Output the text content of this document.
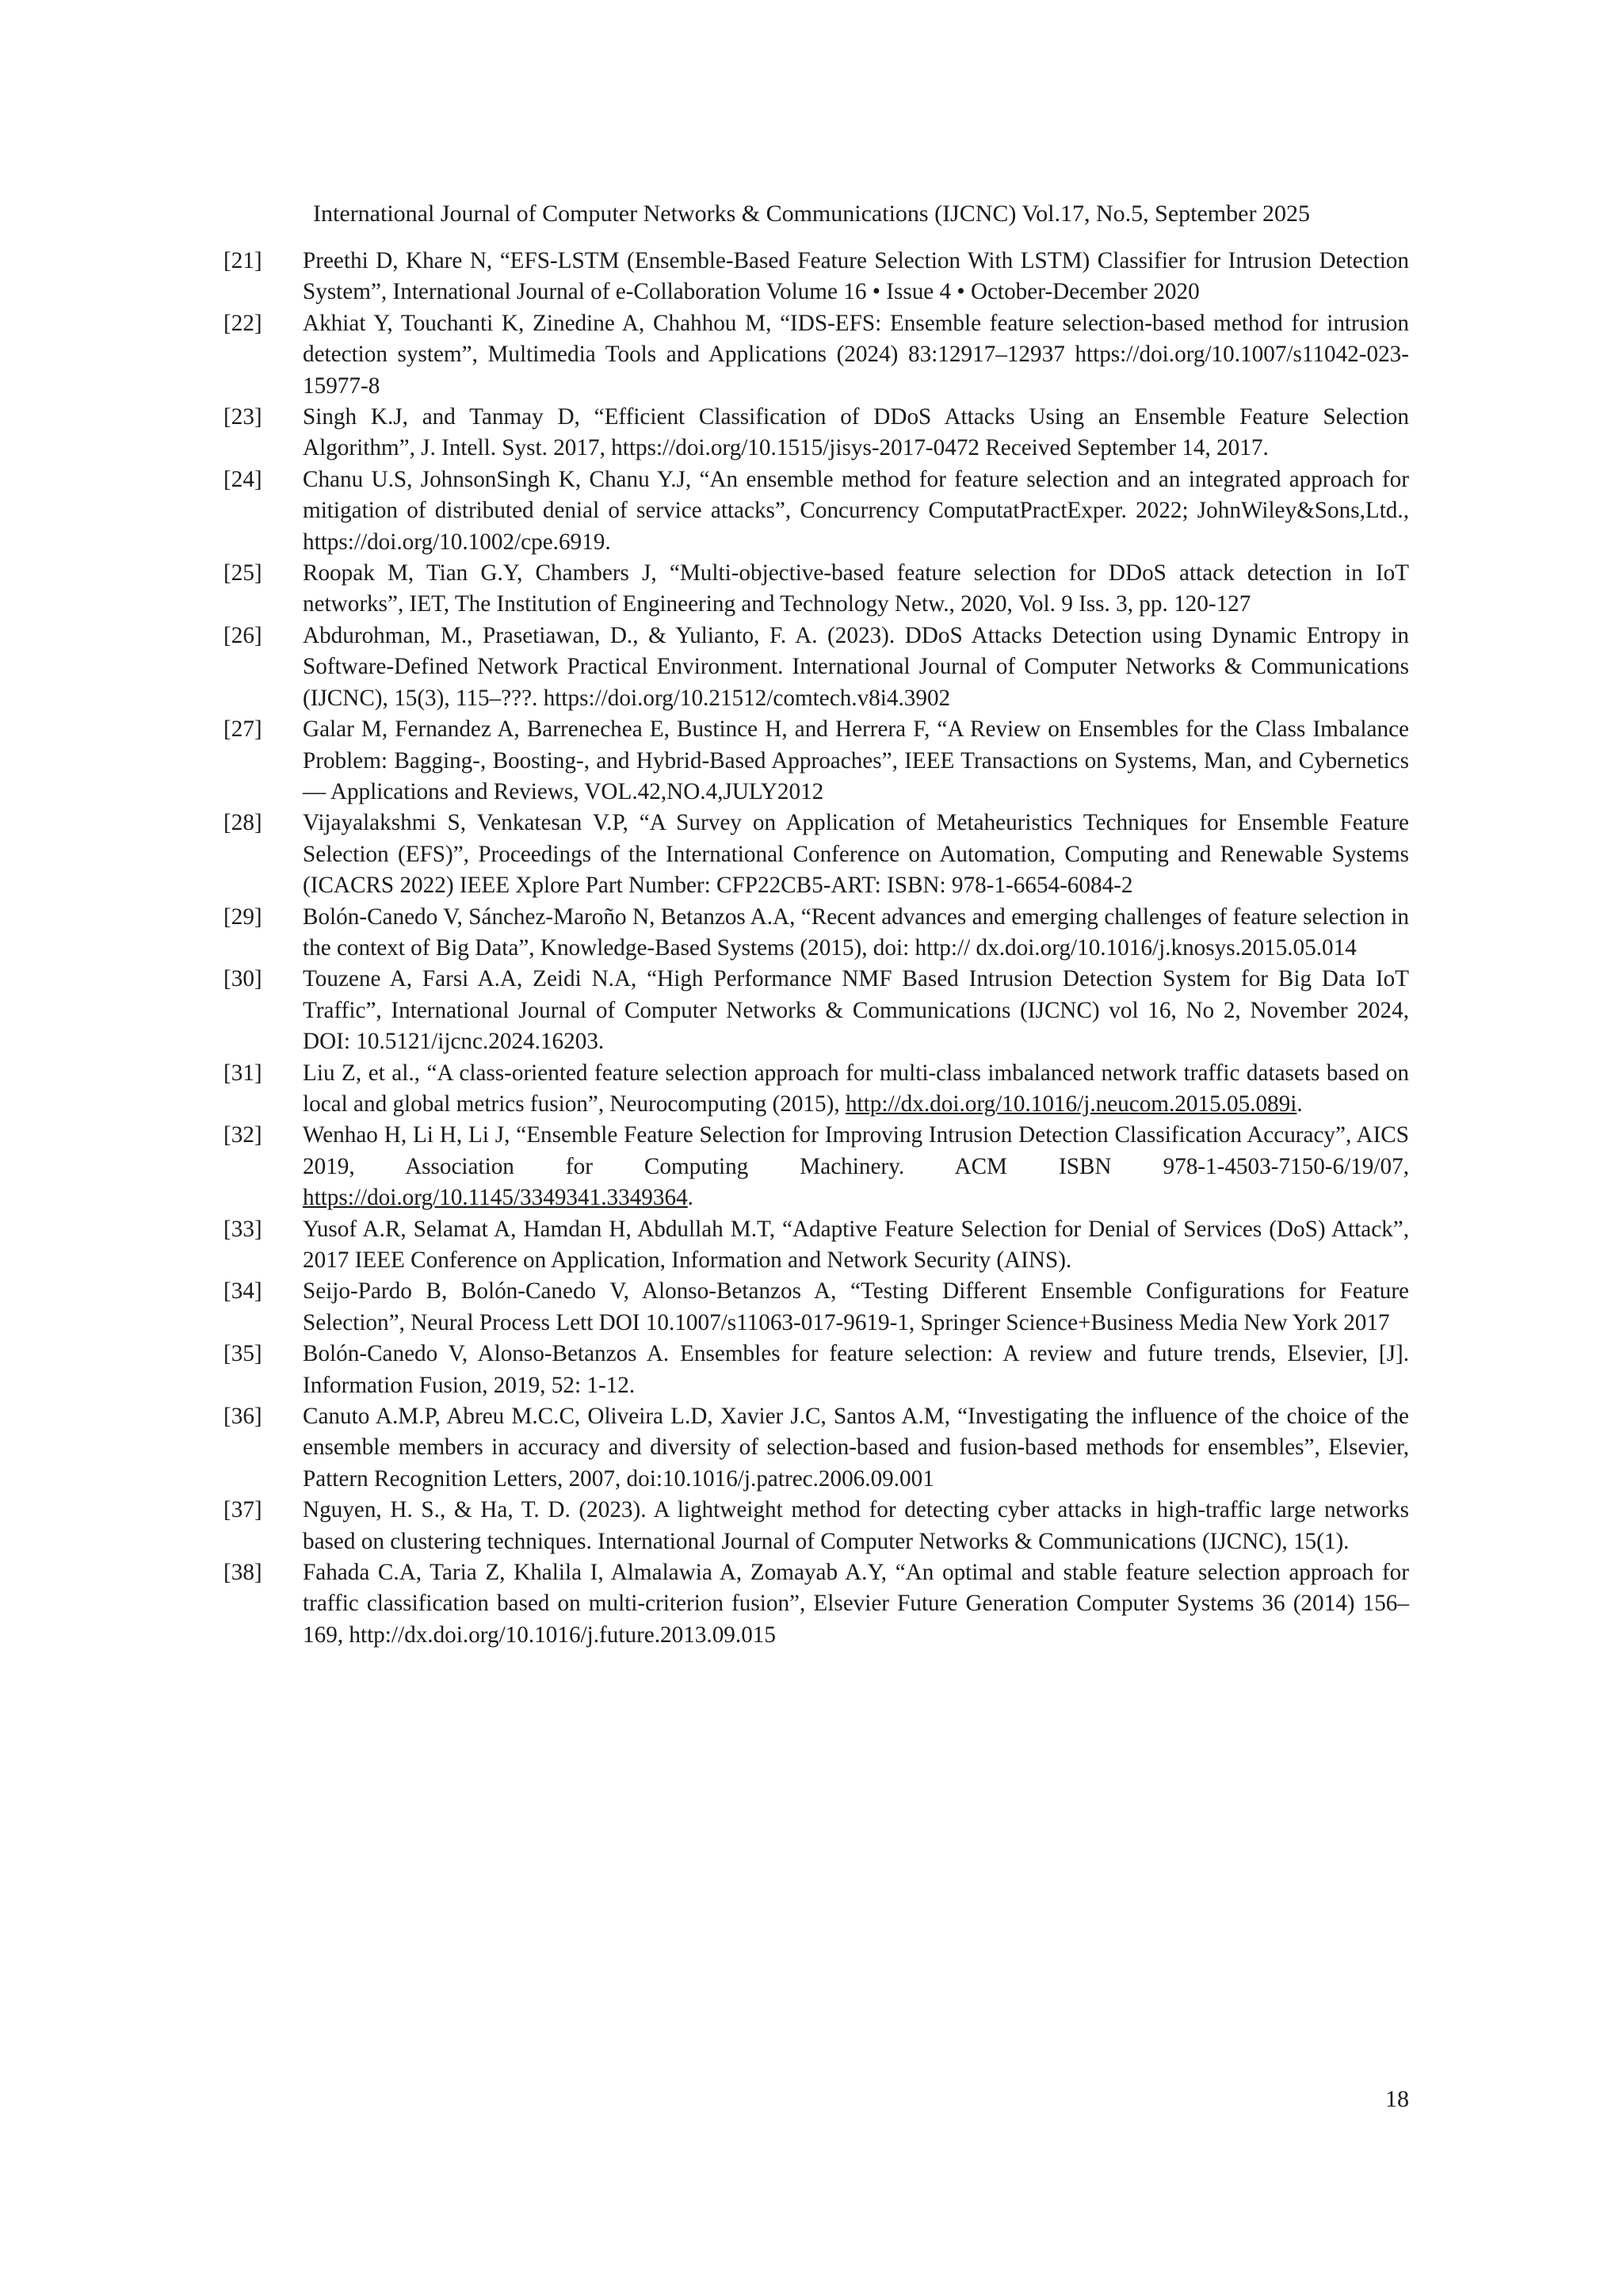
International Journal of Computer Networks & Communications (IJCNC) Vol.17, No.5, September 2025
[21] Preethi D, Khare N, “EFS-LSTM (Ensemble-Based Feature Selection With LSTM) Classifier for Intrusion Detection System”, International Journal of e-Collaboration Volume 16 • Issue 4 • October-December 2020
[22] Akhiat Y, Touchanti K, Zinedine A, Chahhou M, “IDS-EFS: Ensemble feature selection-based method for intrusion detection system”, Multimedia Tools and Applications (2024) 83:12917–12937 https://doi.org/10.1007/s11042-023-15977-8
[23] Singh K.J, and Tanmay D, “Efficient Classification of DDoS Attacks Using an Ensemble Feature Selection Algorithm”, J. Intell. Syst. 2017, https://doi.org/10.1515/jisys-2017-0472 Received September 14, 2017.
[24] Chanu U.S, JohnsonSingh K, Chanu Y.J, “An ensemble method for feature selection and an integrated approach for mitigation of distributed denial of service attacks”, Concurrency ComputatPractExper. 2022; JohnWiley&Sons,Ltd., https://doi.org/10.1002/cpe.6919.
[25] Roopak M, Tian G.Y, Chambers J, “Multi-objective-based feature selection for DDoS attack detection in IoT networks”, IET, The Institution of Engineering and Technology Netw., 2020, Vol. 9 Iss. 3, pp. 120-127
[26] Abdurohman, M., Prasetiawan, D., & Yulianto, F. A. (2023). DDoS Attacks Detection using Dynamic Entropy in Software-Defined Network Practical Environment. International Journal of Computer Networks & Communications (IJCNC), 15(3), 115–???. https://doi.org/10.21512/comtech.v8i4.3902
[27] Galar M, Fernandez A, Barrenechea E, Bustince H, and Herrera F, “A Review on Ensembles for the Class Imbalance Problem: Bagging-, Boosting-, and Hybrid-Based Approaches”, IEEE Transactions on Systems, Man, and Cybernetics — Applications and Reviews, VOL.42,NO.4,JULY2012
[28] Vijayalakshmi S, Venkatesan V.P, “A Survey on Application of Metaheuristics Techniques for Ensemble Feature Selection (EFS)”, Proceedings of the International Conference on Automation, Computing and Renewable Systems (ICACRS 2022) IEEE Xplore Part Number: CFP22CB5-ART: ISBN: 978-1-6654-6084-2
[29] Bolón-Canedo V, Sánchez-Maroño N, Betanzos A.A, “Recent advances and emerging challenges of feature selection in the context of Big Data”, Knowledge-Based Systems (2015), doi: http:// dx.doi.org/10.1016/j.knosys.2015.05.014
[30] Touzene A, Farsi A.A, Zeidi N.A, “High Performance NMF Based Intrusion Detection System for Big Data IoT Traffic”, International Journal of Computer Networks & Communications (IJCNC) vol 16, No 2, November 2024, DOI: 10.5121/ijcnc.2024.16203.
[31] Liu Z, et al., “A class-oriented feature selection approach for multi-class imbalanced network traffic datasets based on local and global metrics fusion”, Neurocomputing (2015), http://dx.doi.org/10.1016/j.neucom.2015.05.089i.
[32] Wenhao H, Li H, Li J, “Ensemble Feature Selection for Improving Intrusion Detection Classification Accuracy”, AICS 2019, Association for Computing Machinery. ACM ISBN 978-1-4503-7150-6/19/07, https://doi.org/10.1145/3349341.3349364.
[33] Yusof A.R, Selamat A, Hamdan H, Abdullah M.T, “Adaptive Feature Selection for Denial of Services (DoS) Attack”, 2017 IEEE Conference on Application, Information and Network Security (AINS).
[34] Seijo-Pardo B, Bolón-Canedo V, Alonso-Betanzos A, “Testing Different Ensemble Configurations for Feature Selection”, Neural Process Lett DOI 10.1007/s11063-017-9619-1, Springer Science+Business Media New York 2017
[35] Bolón-Canedo V, Alonso-Betanzos A. Ensembles for feature selection: A review and future trends, Elsevier, [J]. Information Fusion, 2019, 52: 1-12.
[36] Canuto A.M.P, Abreu M.C.C, Oliveira L.D, Xavier J.C, Santos A.M, “Investigating the influence of the choice of the ensemble members in accuracy and diversity of selection-based and fusion-based methods for ensembles”, Elsevier, Pattern Recognition Letters, 2007, doi:10.1016/j.patrec.2006.09.001
[37] Nguyen, H. S., & Ha, T. D. (2023). A lightweight method for detecting cyber attacks in high-traffic large networks based on clustering techniques. International Journal of Computer Networks & Communications (IJCNC), 15(1).
[38] Fahada C.A, Taria Z, Khalila I, Almalawia A, Zomayab A.Y, “An optimal and stable feature selection approach for traffic classification based on multi-criterion fusion”, Elsevier Future Generation Computer Systems 36 (2014) 156–169, http://dx.doi.org/10.1016/j.future.2013.09.015
18
